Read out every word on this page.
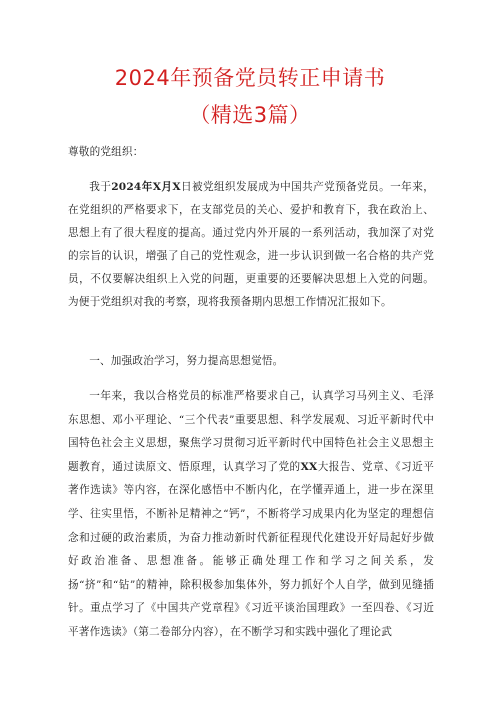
2024年预备党员转正申请书
（精选3篇）
尊敬的党组织：
我于2024年X月X日被党组织发展成为中国共产党预备党员。一年来，在党组织的严格要求下，在支部党员的关心、爱护和教育下，我在政治上、思想上有了很大程度的提高。通过党内外开展的一系列活动，我加深了对党的宗旨的认识，增强了自己的党性观念，进一步认识到做一名合格的共产党员，不仅要解决组织上入党的问题，更重要的还要解决思想上入党的问题。为便于党组织对我的考察，现将我预备期内思想工作情况汇报如下。
一、加强政治学习，努力提高思想觉悟。
一年来，我以合格党员的标准严格要求自己，认真学习马列主义、毛泽东思想、邓小平理论、“三个代表”重要思想、科学发展观、习近平新时代中国特色社会主义思想，聚焦学习贯彻习近平新时代中国特色社会主义思想主题教育，通过读原文、悟原理，认真学习了党的XX大报告、党章、《习近平著作选读》等内容，在深化感悟中不断内化，在学懂弄通上，进一步在深里学、往实里悟，不断补足精神之“钙”，不断将学习成果内化为坚定的理想信念和过硬的政治素质，为奋力推动新时代新征程现代化建设开好局起好步做好政治准备、思想准备。能够正确处理工作和学习之间关系，发扬“挤”和“钻”的精神，除积极参加集体外，努力抓好个人自学，做到见缝插针。重点学习了《中国共产党章程》《习近平谈治国理政》一至四卷、《习近平著作选读》（第二卷部分内容），在不断学习和实践中强化了理论武
